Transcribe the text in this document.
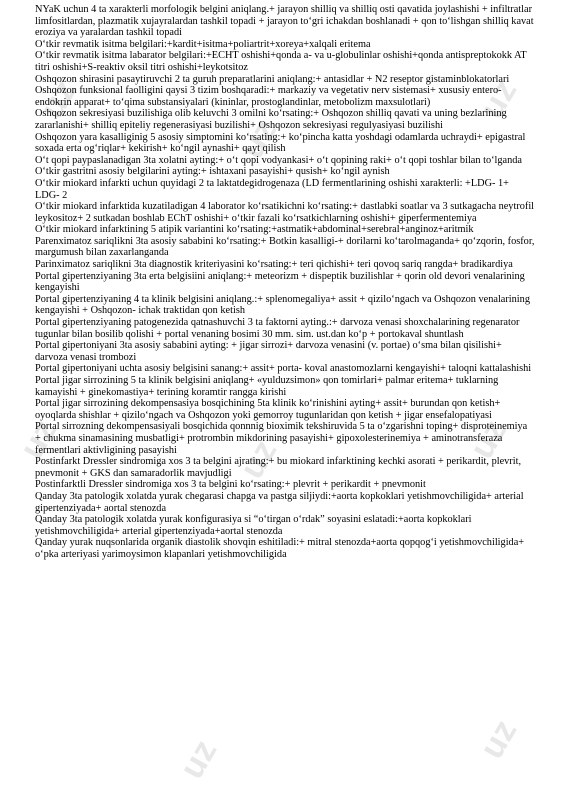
uz
uz
uz
uz	uz	uz
uz	uz

NYaK uchun 4 ta xarakterli morfologik belgini aniqlang.+ jarayon shilliq va shilliq osti qavatida joylashishi + infiltratlar limfositlardan, plazmatik xujayralardan tashkil topadi + jarayon to‘gri ichakdan boshlanadi + qon to‘lishgan shilliq kavat eroziya va yaralardan tashkil topadi

O‘tkir revmatik isitma belgilari:+kardit+isitma+poliartrit+xoreya+xalqali eritema

O‘tkir revmatik isitma labarator belgilari:+ECHT oshishi+qonda a- va u-globulinlar oshishi+qonda antispreptokokk AT titri oshishi+S-reaktiv oksil titri oshishi+leykotsitoz

Oshqozon shirasini pasaytiruvchi 2 ta guruh preparatlarini aniqlang:+ antasidlar + N2 reseptor gistaminblokatorlari

Oshqozon funksional faolligini qaysi 3 tizim boshqaradi:+ markaziy va vegetativ nerv sistemasi+ xususiy entero-endokrin apparat+ to‘qima substansiyalari (kininlar, prostoglandinlar, metobolizm maxsulotlari)

Oshqozon sekresiyasi buzilishiga olib keluvchi 3 omilni ko‘rsating:+ Oshqozon shilliq qavati va uning bezlarining zararlanishi+ shilliq epiteliy regenerasiyasi buzilishi+ Oshqozon sekresiyasi regulyasiyasi buzilishi

Oshqozon yara kasalliginig 5 asosiy simptomini ko‘rsating:+ ko‘pincha katta yoshdagi odamlarda uchraydi+ epigastral soxada erta og‘riqlar+ kekirish+ ko‘ngil aynashi+ qayt qilish

O‘t qopi paypaslanadigan 3ta xolatni ayting:+ o‘t qopi vodyankasi+ o‘t qopining raki+ o‘t qopi toshlar bilan to‘lganda

O‘tkir gastritni asosiy belgilarini ayting:+ ishtaxani pasayishi+ qusish+ ko‘ngil aynish

O‘tkir miokard infarkti uchun quyidagi 2 ta laktatdegidrogenaza (LD fermentlarining oshishi xarakterli: +LDG- 1+ LDG- 2

O‘tkir miokard infarktida kuzatiladigan 4 laborator ko‘rsatikichni ko‘rsating:+ dastlabki soatlar va 3 sutkagacha neytrofil leykositoz+ 2 sutkadan boshlab EChT oshishi+ o‘tkir fazali ko‘rsatkichlarning oshishi+ giperfermentemiya

O‘tkir miokard infarktining 5 atipik variantini ko‘rsating:+astmatik+abdominal+serebral+anginoz+aritmik

Parenximatoz sariqlikni 3ta asosiy sababini ko‘rsating:+ Botkin kasalligi-+ dorilarni ko‘tarolmaganda+ qo‘zqorin, fosfor, margumush bilan zaxarlanganda

Parinximatoz sariqlikni 3ta diagnostik kriteriyasini ko‘rsating:+ teri qichishi+ teri qovoq sariq rangda+ bradikardiya

Portal gipertenziyaning 3ta erta belgisiini aniqlang:+ meteorizm + dispeptik buzilishlar + qorin old devori venalarining kengayishi

Portal gipertenziyaning 4 ta klinik belgisini aniqlang.:+ splenomegaliya+ assit + qizilo‘ngach va Oshqozon venalarining kengayishi + Oshqozon- ichak traktidan qon ketish

Portal gipertenziyaning patogenezida qatnashuvchi 3 ta faktorni ayting.:+ darvoza venasi shoxchalarining regenarator tugunlar bilan bosilib qolishi + portal venaning bosimi 30 mm. sim. ust.dan ko‘p + portokaval shuntlash

Portal gipertoniyani 3ta asosiy sababini ayting: + jigar sirrozi+ darvoza venasini (v. portae) o‘sma bilan qisilishi+ darvoza venasi trombozi

Portal gipertoniyani uchta asosiy belgisini sanang:+ assit+ porta- koval anastomozlarni kengayishi+ taloqni kattalashishi

Portal jigar sirrozining 5 ta klinik belgisini aniqlang+ «yulduzsimon» qon tomirlari+ palmar eritema+ tuklarning kamayishi + ginekomastiya+ terining koramtir rangga kirishi

Portal jigar sirrozining dekompensasiya bosqichining 5ta klinik ko‘rinishini ayting+ assit+ burundan qon ketish+ oyoqlarda shishlar + qizilo‘ngach va Oshqozon yoki gemorroy tugunlaridan qon ketish + jigar ensefalopatiyasi

Portal sirrozning dekompensasiyali bosqichida qonnnig bioximik tekshiruvida 5 ta o‘zgarishni toping+ disproteinemiya + chukma sinamasining musbatligi+ protrombin mikdorining pasayishi+ gipoxolesterinemiya + aminotransferaza fermentlari aktivligining pasayishi

Postinfarkt Dressler sindromiga xos 3 ta belgini ajrating:+ bu miokard infarktining kechki asorati + perikardit, plevrit, pnevmonit + GKS dan samaradorlik mavjudligi

Postinfarktli Dressler sindromiga xos 3 ta belgini ko‘rsating:+ plevrit + perikardit + pnevmonit

Qanday 3ta patologik xolatda yurak chegarasi chapga va pastga siljiydi:+aorta kopkoklari yetishmovchiligida+ arterial gipertenziyada+ aortal stenozda

Qanday 3ta patologik xolatda yurak konfigurasiya si “o‘tirgan o‘rdak” soyasini eslatadi:+aorta kopkoklari yetishmovchiligida+ arterial gipertenziyada+aortal stenozda

Qanday yurak nuqsonlarida organik diastolik shovqin eshitiladi:+ mitral stenozda+aorta qopqog‘i yetishmovchiligida+ o‘pka arteriyasi yarimoysimon klapanlari yetishmovchiligida
